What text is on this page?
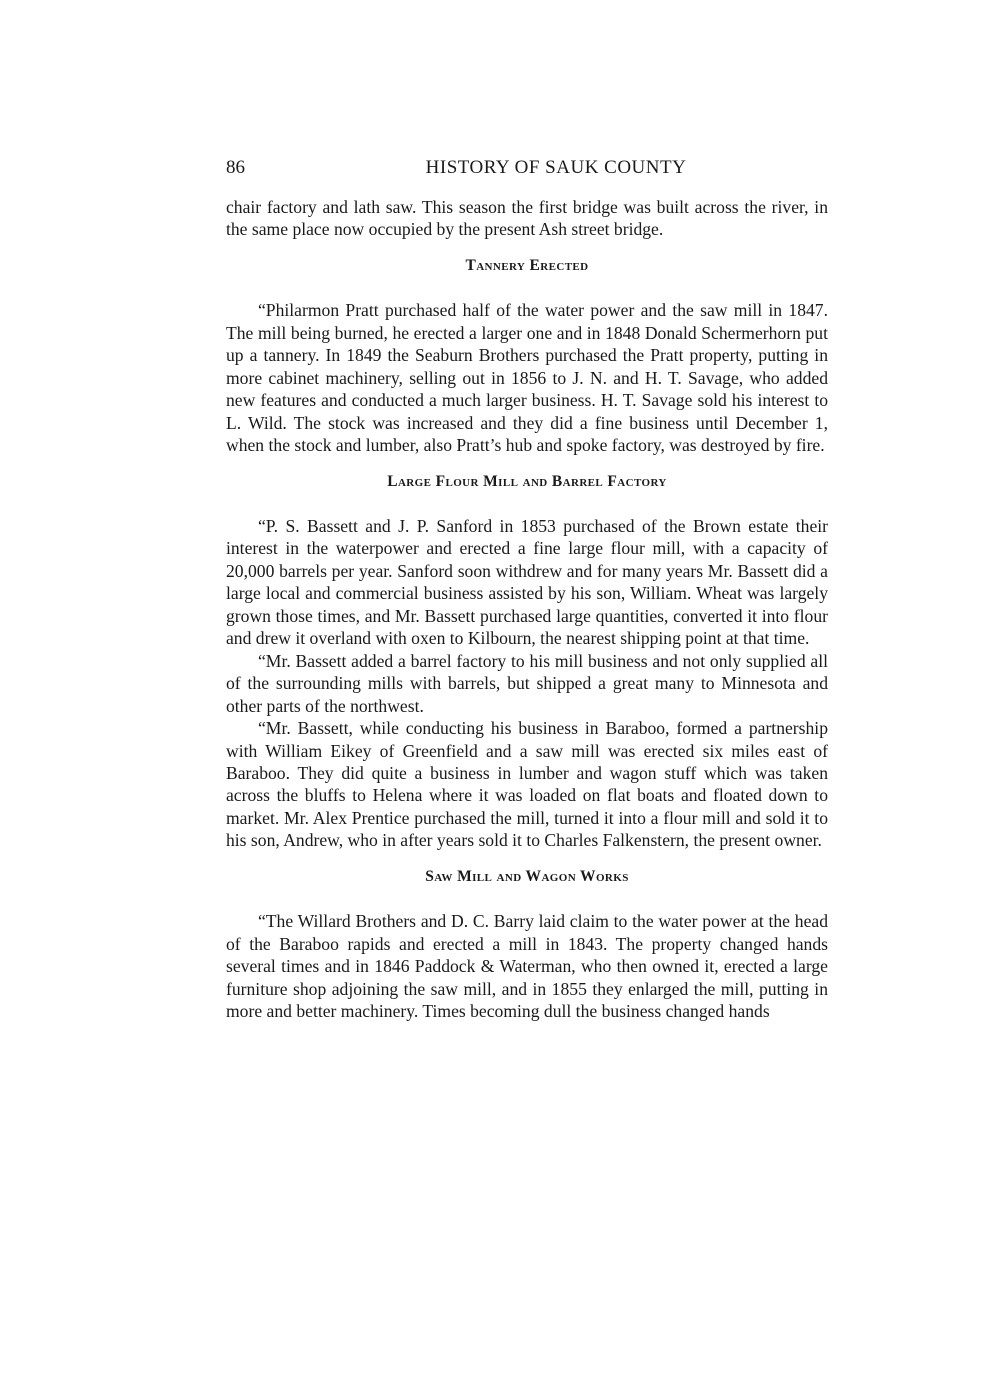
86	HISTORY OF SAUK COUNTY

chair factory and lath saw. This season the first bridge was built across the river, in the same place now occupied by the present Ash street bridge.

Tannery Erected

“Philarmon Pratt purchased half of the water power and the saw mill in 1847. The mill being burned, he erected a larger one and in 1848 Donald Schermerhorn put up a tannery. In 1849 the Seaburn Brothers purchased the Pratt property, putting in more cabinet machinery, selling out in 1856 to J. N. and H. T. Savage, who added new features and conducted a much larger business. H. T. Savage sold his interest to L. Wild. The stock was increased and they did a fine business until December 1, when the stock and lumber, also Pratt’s hub and spoke factory, was destroyed by fire.

Large Flour Mill and Barrel Factory

“P. S. Bassett and J. P. Sanford in 1853 purchased of the Brown estate their interest in the waterpower and erected a fine large flour mill, with a capacity of 20,000 barrels per year. Sanford soon withdrew and for many years Mr. Bassett did a large local and commercial business assisted by his son, William. Wheat was largely grown those times, and Mr. Bassett purchased large quantities, converted it into flour and drew it overland with oxen to Kilbourn, the nearest shipping point at that time.

“Mr. Bassett added a barrel factory to his mill business and not only supplied all of the surrounding mills with barrels, but shipped a great many to Minnesota and other parts of the northwest.

“Mr. Bassett, while conducting his business in Baraboo, formed a partnership with William Eikey of Greenfield and a saw mill was erected six miles east of Baraboo. They did quite a business in lumber and wagon stuff which was taken across the bluffs to Helena where it was loaded on flat boats and floated down to market. Mr. Alex Prentice purchased the mill, turned it into a flour mill and sold it to his son, Andrew, who in after years sold it to Charles Falkenstern, the present owner.

Saw Mill and Wagon Works

“The Willard Brothers and D. C. Barry laid claim to the water power at the head of the Baraboo rapids and erected a mill in 1843. The property changed hands several times and in 1846 Paddock & Waterman, who then owned it, erected a large furniture shop adjoining the saw mill, and in 1855 they enlarged the mill, putting in more and better machinery. Times becoming dull the business changed hands
